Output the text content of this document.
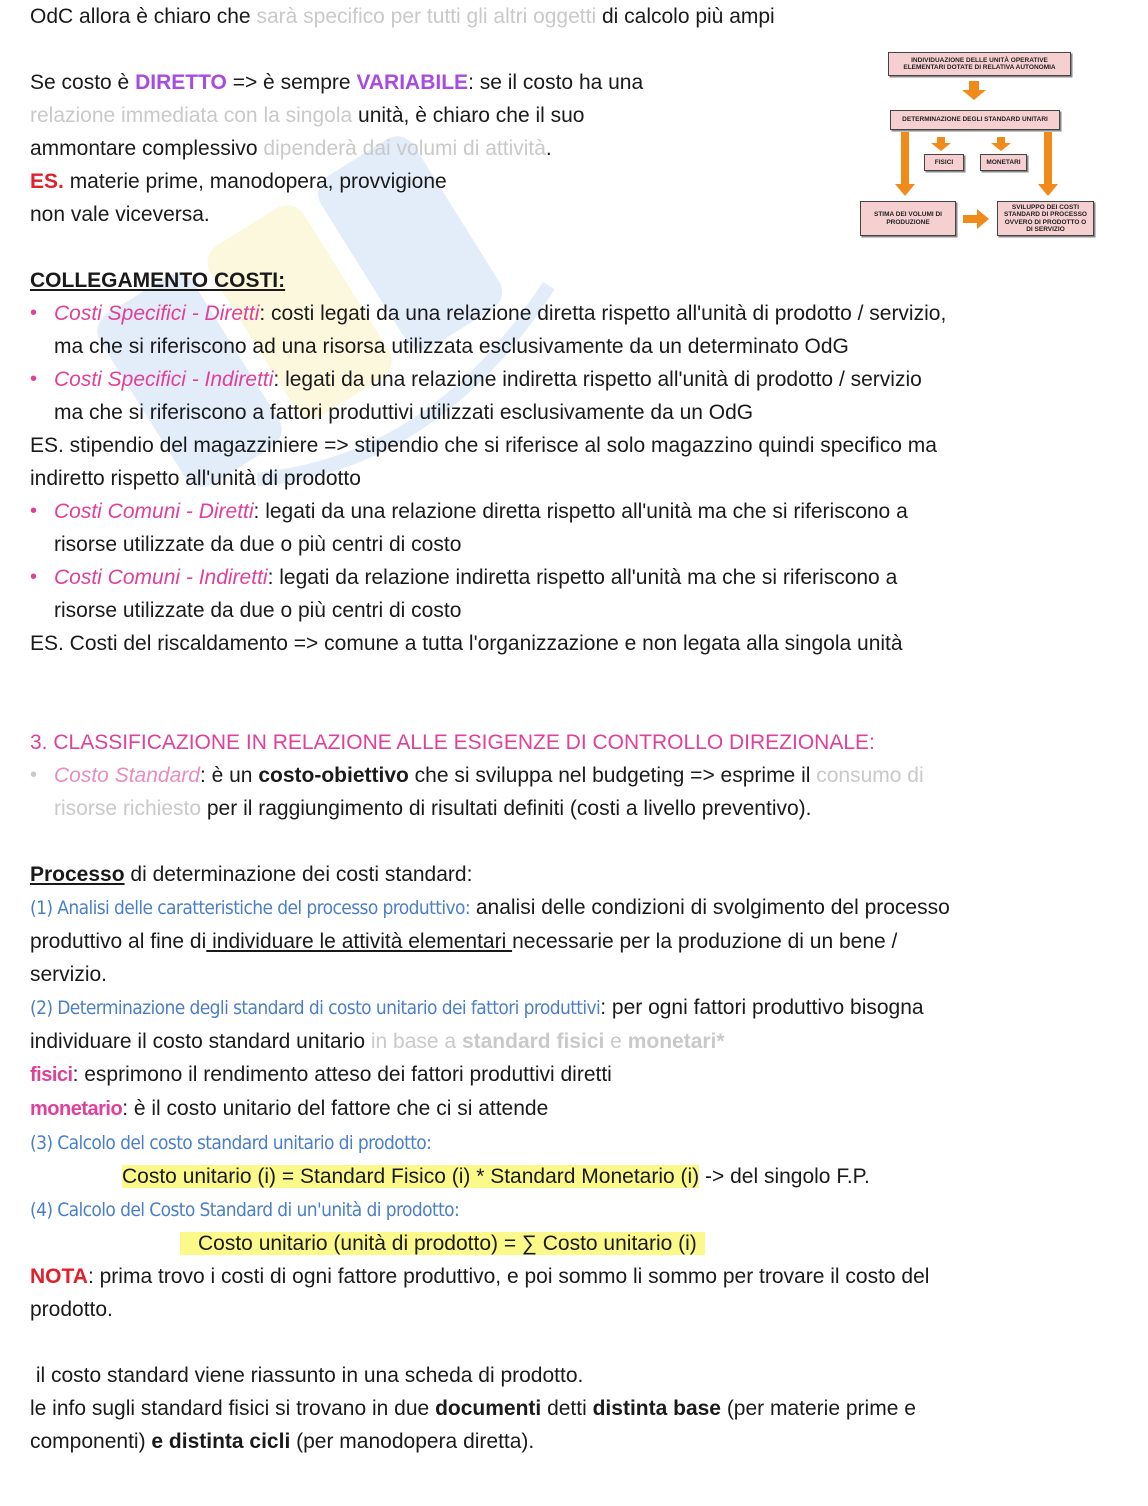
INDIVIDUAZIONE DELLE UNITÀ OPERATIVE ELEMENTARI DOTATE DI RELATIVA AUTONOMIA
DETERMINAZIONE DEGLI STANDARD UNITARI
FISICI	MONETARI
STIMA DEI VOLUMI DI PRODUZIONE
SVILUPPO DEI COSTI STANDARD DI PROCESSO OVVERO DI PRODOTTO O DI SERVIZIO
OdC allora è chiaro che sarà specifico per tutti gli altri oggetti di calcolo più ampi
Se costo è DIRETTO => è sempre VARIABILE: se il costo ha una
relazione immediata con la singola unità, è chiaro che il suo
ammontare complessivo dipenderà dai volumi di attività.
ES. materie prime, manodopera, provvigione
non vale viceversa.
COLLEGAMENTO COSTI:
• Costi Specifici - Diretti: costi legati da una relazione diretta rispetto all'unità di prodotto / servizio,
ma che si riferiscono ad una risorsa utilizzata esclusivamente da un determinato OdG
• Costi Specifici - Indiretti: legati da una relazione indiretta rispetto all'unità di prodotto / servizio
ma che si riferiscono a fattori produttivi utilizzati esclusivamente da un OdG
ES. stipendio del magazziniere => stipendio che si riferisce al solo magazzino quindi specifico ma
indiretto rispetto all'unità di prodotto
• Costi Comuni - Diretti: legati da una relazione diretta rispetto all'unità ma che si riferiscono a
risorse utilizzate da due o più centri di costo
• Costi Comuni - Indiretti: legati da relazione indiretta rispetto all'unità ma che si riferiscono a
risorse utilizzate da due o più centri di costo
ES. Costi del riscaldamento => comune a tutta l'organizzazione e non legata alla singola unità
3. CLASSIFICAZIONE IN RELAZIONE ALLE ESIGENZE DI CONTROLLO DIREZIONALE:
• Costo Standard: è un costo-obiettivo che si sviluppa nel budgeting => esprime il consumo di
risorse richiesto per il raggiungimento di risultati definiti (costi a livello preventivo).
Processo di determinazione dei costi standard:
(1) Analisi delle caratteristiche del processo produttivo: analisi delle condizioni di svolgimento del processo
produttivo al fine di individuare le attività elementari necessarie per la produzione di un bene /
servizio.
(2) Determinazione degli standard di costo unitario dei fattori produttivi: per ogni fattori produttivo bisogna
individuare il costo standard unitario in base a standard fisici e monetari*
fisici: esprimono il rendimento atteso dei fattori produttivi diretti
monetario: è il costo unitario del fattore che ci si attende
(3) Calcolo del costo standard unitario di prodotto:
Costo unitario (i) = Standard Fisico (i) * Standard Monetario (i) -> del singolo F.P.
(4) Calcolo del Costo Standard di un'unità di prodotto:
Costo unitario (unità di prodotto) = ∑ Costo unitario (i)
NOTA: prima trovo i costi di ogni fattore produttivo, e poi sommo li sommo per trovare il costo del
prodotto.
il costo standard viene riassunto in una scheda di prodotto.
le info sugli standard fisici si trovano in due documenti detti distinta base (per materie prime e
componenti) e distinta cicli (per manodopera diretta).
